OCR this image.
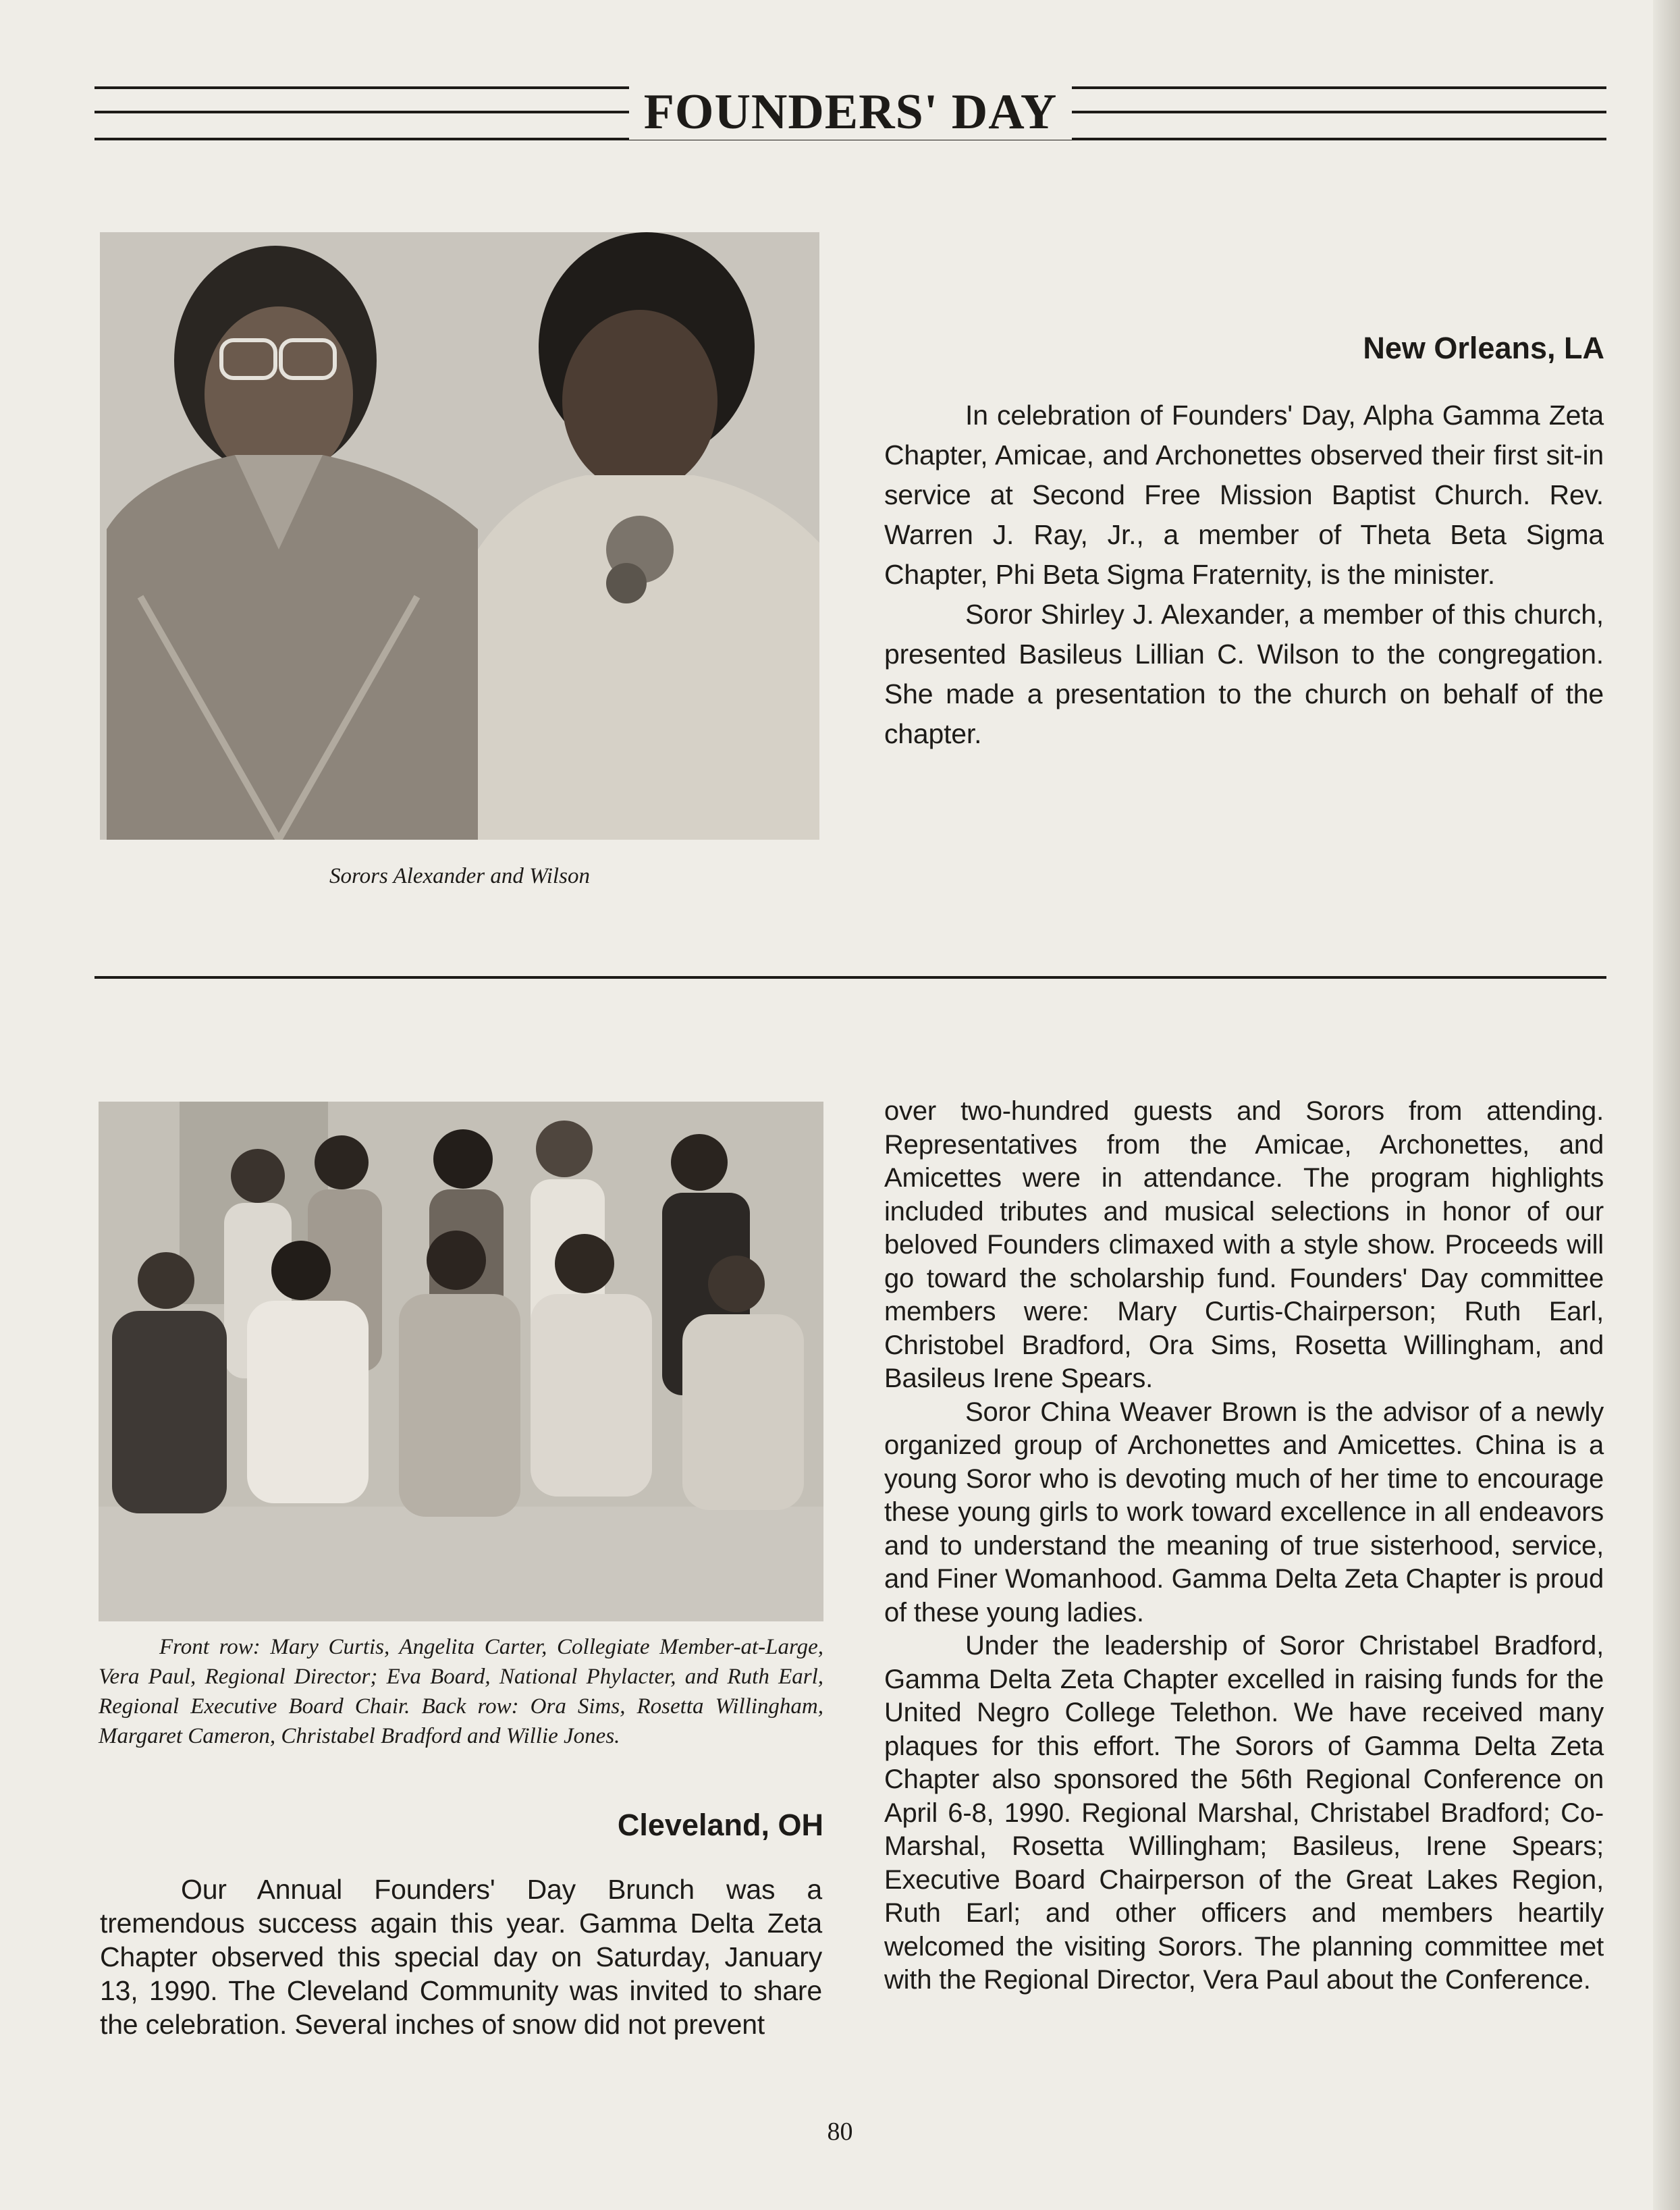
FOUNDERS' DAY
Sorors Alexander and Wilson
New Orleans, LA

In celebration of Founders' Day, Alpha Gamma Zeta Chapter, Amicae, and Archonettes observed their first sit-in service at Second Free Mission Baptist Church. Rev. Warren J. Ray, Jr., a member of Theta Beta Sigma Chapter, Phi Beta Sigma Fraternity, is the minister.

Soror Shirley J. Alexander, a member of this church, presented Basileus Lillian C. Wilson to the congregation. She made a presentation to the church on behalf of the chapter.

Front row: Mary Curtis, Angelita Carter, Collegiate Member-at-Large, Vera Paul, Regional Director; Eva Board, National Phylacter, and Ruth Earl, Regional Executive Board Chair. Back row: Ora Sims, Rosetta Willingham, Margaret Cameron, Christabel Bradford and Willie Jones.
Cleveland, OH

Our Annual Founders' Day Brunch was a tremendous success again this year. Gamma Delta Zeta Chapter observed this special day on Saturday, January 13, 1990. The Cleveland Community was invited to share the celebration. Several inches of snow did not prevent

over two-hundred guests and Sorors from attending. Representatives from the Amicae, Archonettes, and Amicettes were in attendance. The program highlights included tributes and musical selections in honor of our beloved Founders climaxed with a style show. Proceeds will go toward the scholarship fund. Founders' Day committee members were: Mary Curtis-Chairperson; Ruth Earl, Christobel Bradford, Ora Sims, Rosetta Willingham, and Basileus Irene Spears.

Soror China Weaver Brown is the advisor of a newly organized group of Archonettes and Amicettes. China is a young Soror who is devoting much of her time to encourage these young girls to work toward excellence in all endeavors and to understand the meaning of true sisterhood, service, and Finer Womanhood. Gamma Delta Zeta Chapter is proud of these young ladies.

Under the leadership of Soror Christabel Bradford, Gamma Delta Zeta Chapter excelled in raising funds for the United Negro College Telethon. We have received many plaques for this effort. The Sorors of Gamma Delta Zeta Chapter also sponsored the 56th Regional Conference on April 6-8, 1990. Regional Marshal, Christabel Bradford; Co-Marshal, Rosetta Willingham; Basileus, Irene Spears; Executive Board Chairperson of the Great Lakes Region, Ruth Earl; and other officers and members heartily welcomed the visiting Sorors. The planning committee met with the Regional Director, Vera Paul about the Conference.

80
